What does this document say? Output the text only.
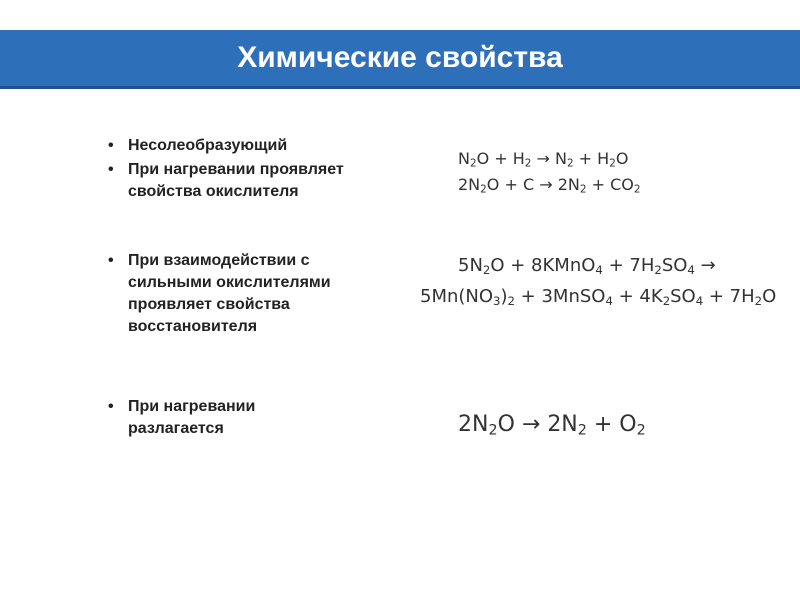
Химические свойства
• Несолеобразующий
• При нагревании проявляет свойства окислителя
• При взаимодействии с сильными окислителями проявляет свойства восстановителя
• При нагревании разлагается
$N_2O + H_2 \to N_2 + H_2O$
$2N_2O + C \to 2N_2 + CO_2$
$5N_2O$ + 8KMnO$_4$ + $7H_2SO_4$ →
$5Mn(NO_3)_2$ + 3MnSO$_4$ + $4K_2SO_4 + 7H_2O$
$2N_2O \to 2N_2 + O_2$
